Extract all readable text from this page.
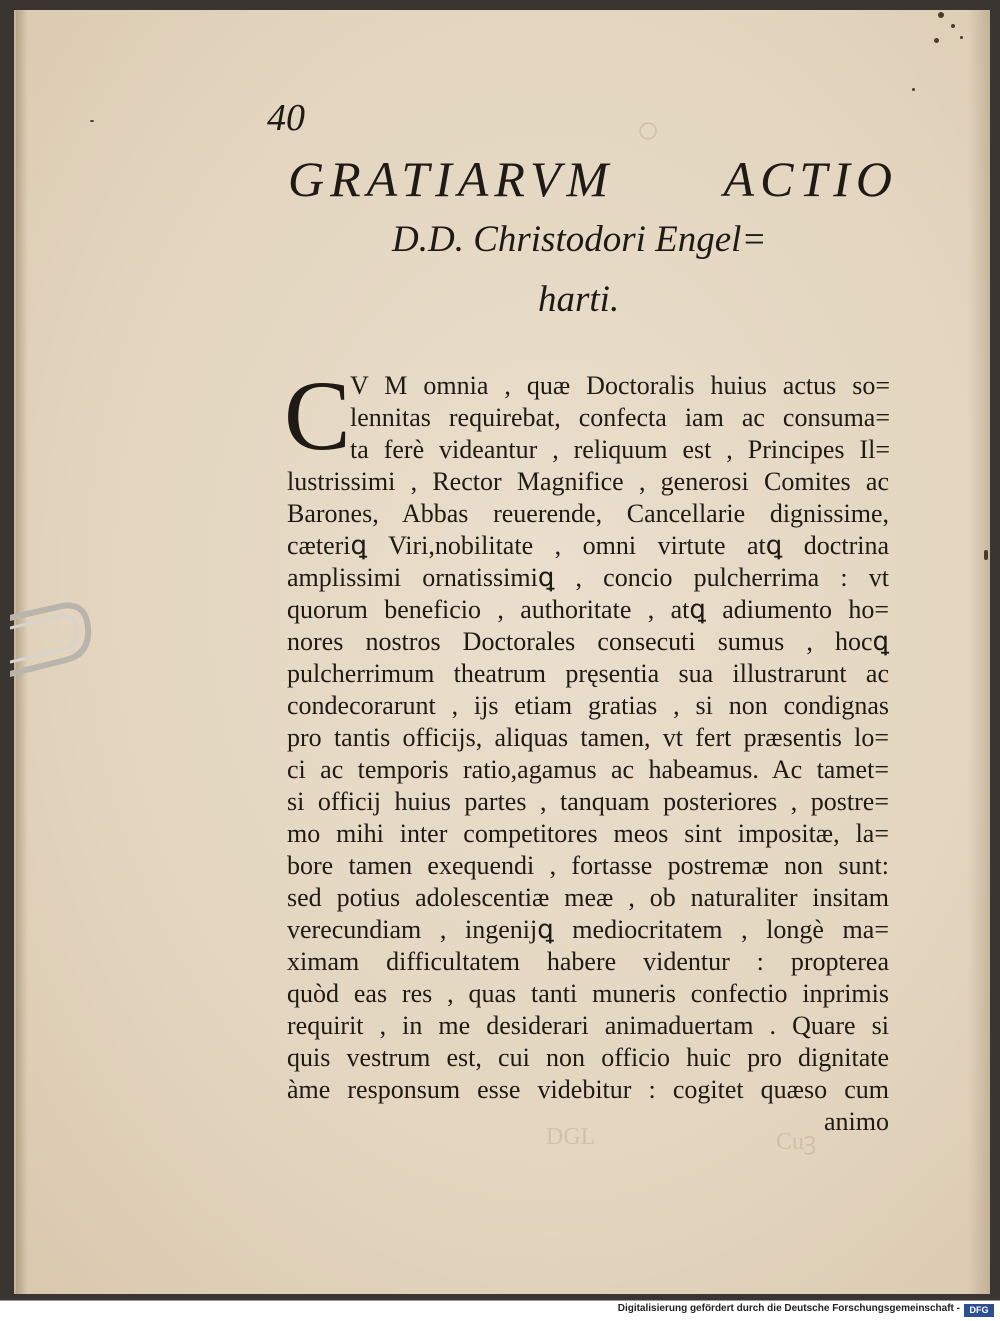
○
DGL	Cuꝫ
40
GRATIARVM ACTIO
D.D. Christodori Engel=
harti.
C V M omnia , quæ Doctoralis huius actus so=
lennitas requirebat, confecta iam ac consuma=
ta ferè videantur , reliquum est , Principes Il=
lustrissimi , Rector Magnifice , generosi Comites ac
Barones, Abbas reuerende, Cancellarie dignissime,
cæteriꝗ Viri,nobilitate , omni virtute atꝗ doctrina
amplissimi ornatissimiꝗ , concio pulcherrima : vt
quorum beneficio , authoritate , atꝗ adiumento ho=
nores nostros Doctorales consecuti sumus , hocꝗ
pulcherrimum theatrum pręsentia sua illustrarunt ac
condecorarunt , ijs etiam gratias , si non condignas
pro tantis officijs, aliquas tamen, vt fert præsentis lo=
ci ac temporis ratio,agamus ac habeamus. Ac tamet=
si officij huius partes , tanquam posteriores , postre=
mo mihi inter competitores meos sint impositæ, la=
bore tamen exequendi , fortasse postremæ non sunt:
sed potius adolescentiæ meæ , ob naturaliter insitam
verecundiam , ingenijꝗ mediocritatem , longè ma=
ximam difficultatem habere videntur : propterea
quòd eas res , quas tanti muneris confectio inprimis
requirit , in me desiderari animaduertam . Quare si
quis vestrum est, cui non officio huic pro dignitate
àme responsum esse videbitur : cogitet quæso cum
animo
Digitalisierung gefördert durch die Deutsche Forschungsgemeinschaft -	DFG
